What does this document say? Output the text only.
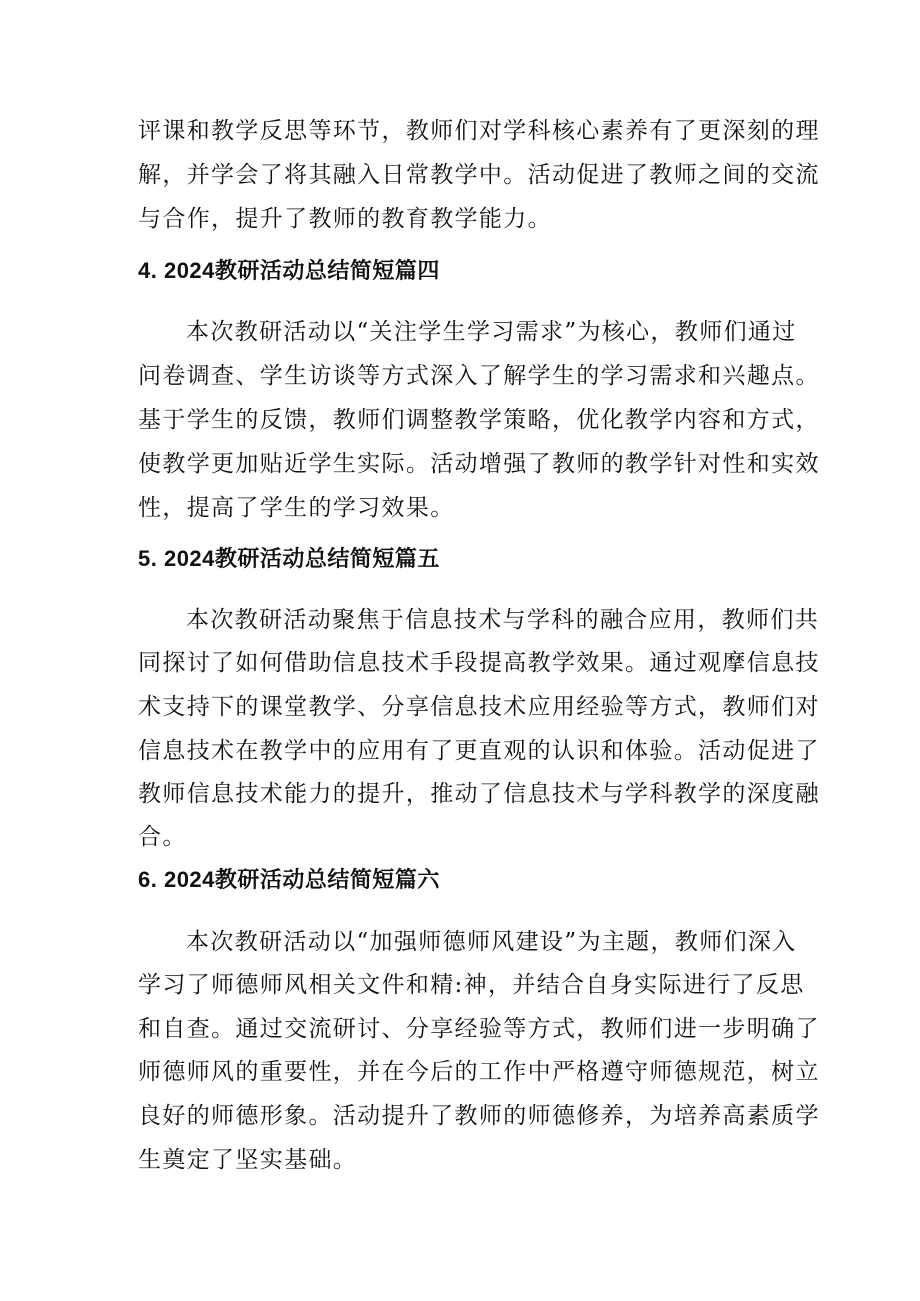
评课和教学反思等环节，教师们对学科核心素养有了更深刻的理

解，并学会了将其融入日常教学中。活动促进了教师之间的交流

与合作，提升了教师的教育教学能力。

4. 2024教研活动总结简短篇四

本次教研活动以“关注学生学习需求”为核心，教师们通过

问卷调查、学生访谈等方式深入了解学生的学习需求和兴趣点。

基于学生的反馈，教师们调整教学策略，优化教学内容和方式，

使教学更加贴近学生实际。活动增强了教师的教学针对性和实效

性，提高了学生的学习效果。

5. 2024教研活动总结简短篇五

本次教研活动聚焦于信息技术与学科的融合应用，教师们共

同探讨了如何借助信息技术手段提高教学效果。通过观摩信息技

术支持下的课堂教学、分享信息技术应用经验等方式，教师们对

信息技术在教学中的应用有了更直观的认识和体验。活动促进了

教师信息技术能力的提升，推动了信息技术与学科教学的深度融

合。

6. 2024教研活动总结简短篇六

本次教研活动以“加强师德师风建设”为主题，教师们深入

学习了师德师风相关文件和精:神，并结合自身实际进行了反思

和自查。通过交流研讨、分享经验等方式，教师们进一步明确了

师德师风的重要性，并在今后的工作中严格遵守师德规范，树立

良好的师德形象。活动提升了教师的师德修养，为培养高素质学

生奠定了坚实基础。
